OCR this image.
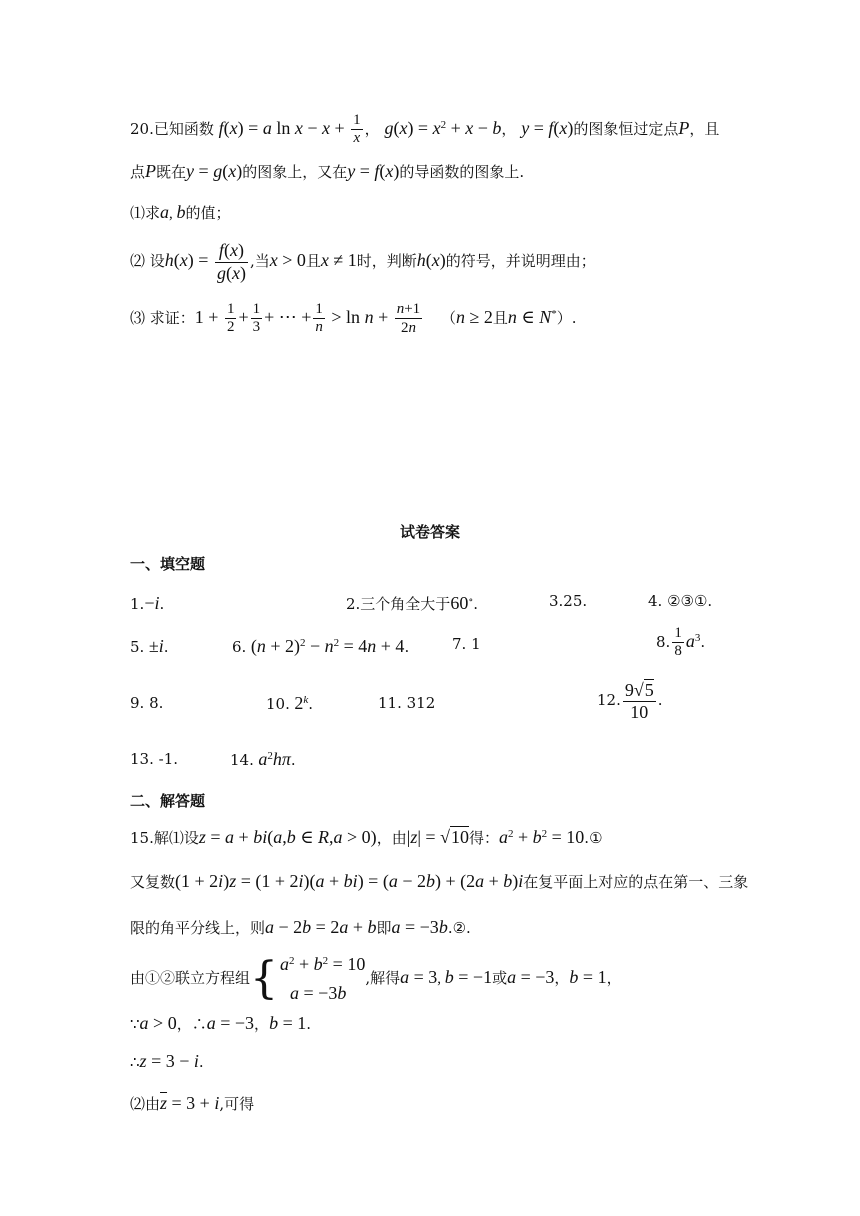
20.已知函数 f(x) = a $\ln x - x + \frac{1}{x}$ ， $g(x) = x^2 + x - b$， y = f(x)的图象恒过定点P，且
点P既在y = g(x)的图象上，又在y = f(x)的导函数的图象上.
⑴求a, b的值；
⑵ 设$h(x) = \frac{f(x)}{g(x)}$ ,当x > 0且x ≠ 1时，判断h(x)的符号，并说明理由；
⑶ 求证：$1 + \frac{1}{2} + \frac{1}{3}$ + ⋯ + $\frac{1}{n} > \ln n + \frac{n+1}{2n} (n \ge 2$且n ∈ N*）.
试卷答案
一、填空题
1.−i.	2.三个角全大于60∘.	3.25.	4. ②③①.
5. ±i.	6. $(n + 2)^2 - n^2 = 4n + 4$.	7. 1	8. $\frac{1}{8} a^3$.
9. 8.	10. 2$^k$.	11. 312	12. $\frac{9√5}{10}$ .
13. -1.	14. $a^2h\pi$.
二、解答题
15.解⑴设z = a + bi(a,b ∈ R,a > 0)，由|z| = √10得：$a^2 + b^2$ = 10.①
又复数(1 + 2i)z = (1 + 2i)(a + bi) = (a − 2b) + (2a + b)i在复平面上对应的点在第一、三象
限的角平分线上，则a − 2b = 2a + b即a = −3b.②.
由①②联立方程组{ $a^2 + b^2 = 10$
a = −3b
,解得a = 3, b = −1或a = −3，b = 1，
∵a > 0，∴a = −3，b = 1.
∴z = 3 − i.
⑵由$\overline{z} = 3 + i$,可得
